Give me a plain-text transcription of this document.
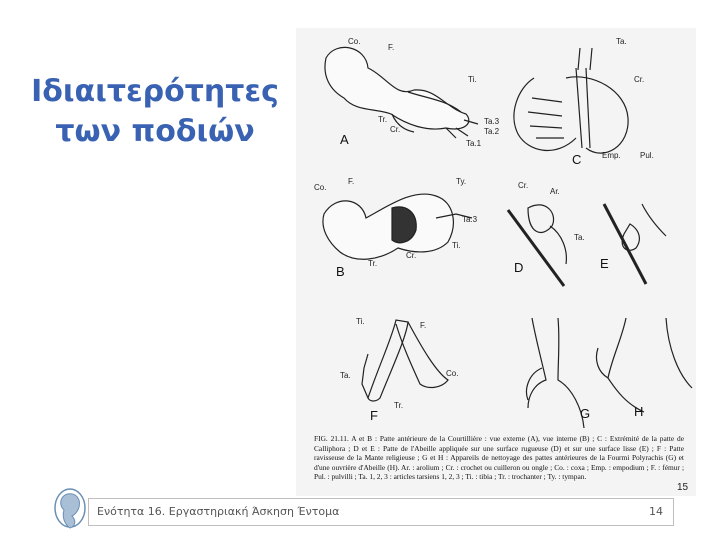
Ιδιαιτερότητες
των ποδιών
Co.
F.
Ti.
Tr.
Cr.
Ta.3
Ta.2
Ta.1
A
Ta.
Cr.
Emp. Pul.
C
Co.
F.	Ty.
Ta.3
Ti.
Cr.
Tr.
B
Cr.
Ar.
Ta.
D	E
Ti.	F.
Ta.	Co.
Tr.
F	G	H
FIG. 21.11. A et B : Patte antérieure de la Courtillière : vue externe (A), vue interne (B) ; C : Extrémité de la patte de Calliphora ; D et E : Patte de l'Abeille appliquée sur une surface rugueuse (D) et sur une surface lisse (E) ; F : Patte ravisseuse de la Mante religieuse ; G et H : Appareils de nettoyage des pattes antérieures de la Fourmi Polyrachis (G) et d'une ouvrière d'Abeille (H). Ar. : arolium ; Cr. : crochet ou cuilleron ou ongle ; Co. : coxa ; Emp. : empodium ; F. : fémur ; Pul. : pulvilli ; Ta. 1, 2, 3 : articles tarsiens 1, 2, 3 ; Ti. : tibia ; Tr. : trochanter ; Ty. : tympan.
15
Ενότητα 16. Εργαστηριακή Άσκηση Έντομα	14
